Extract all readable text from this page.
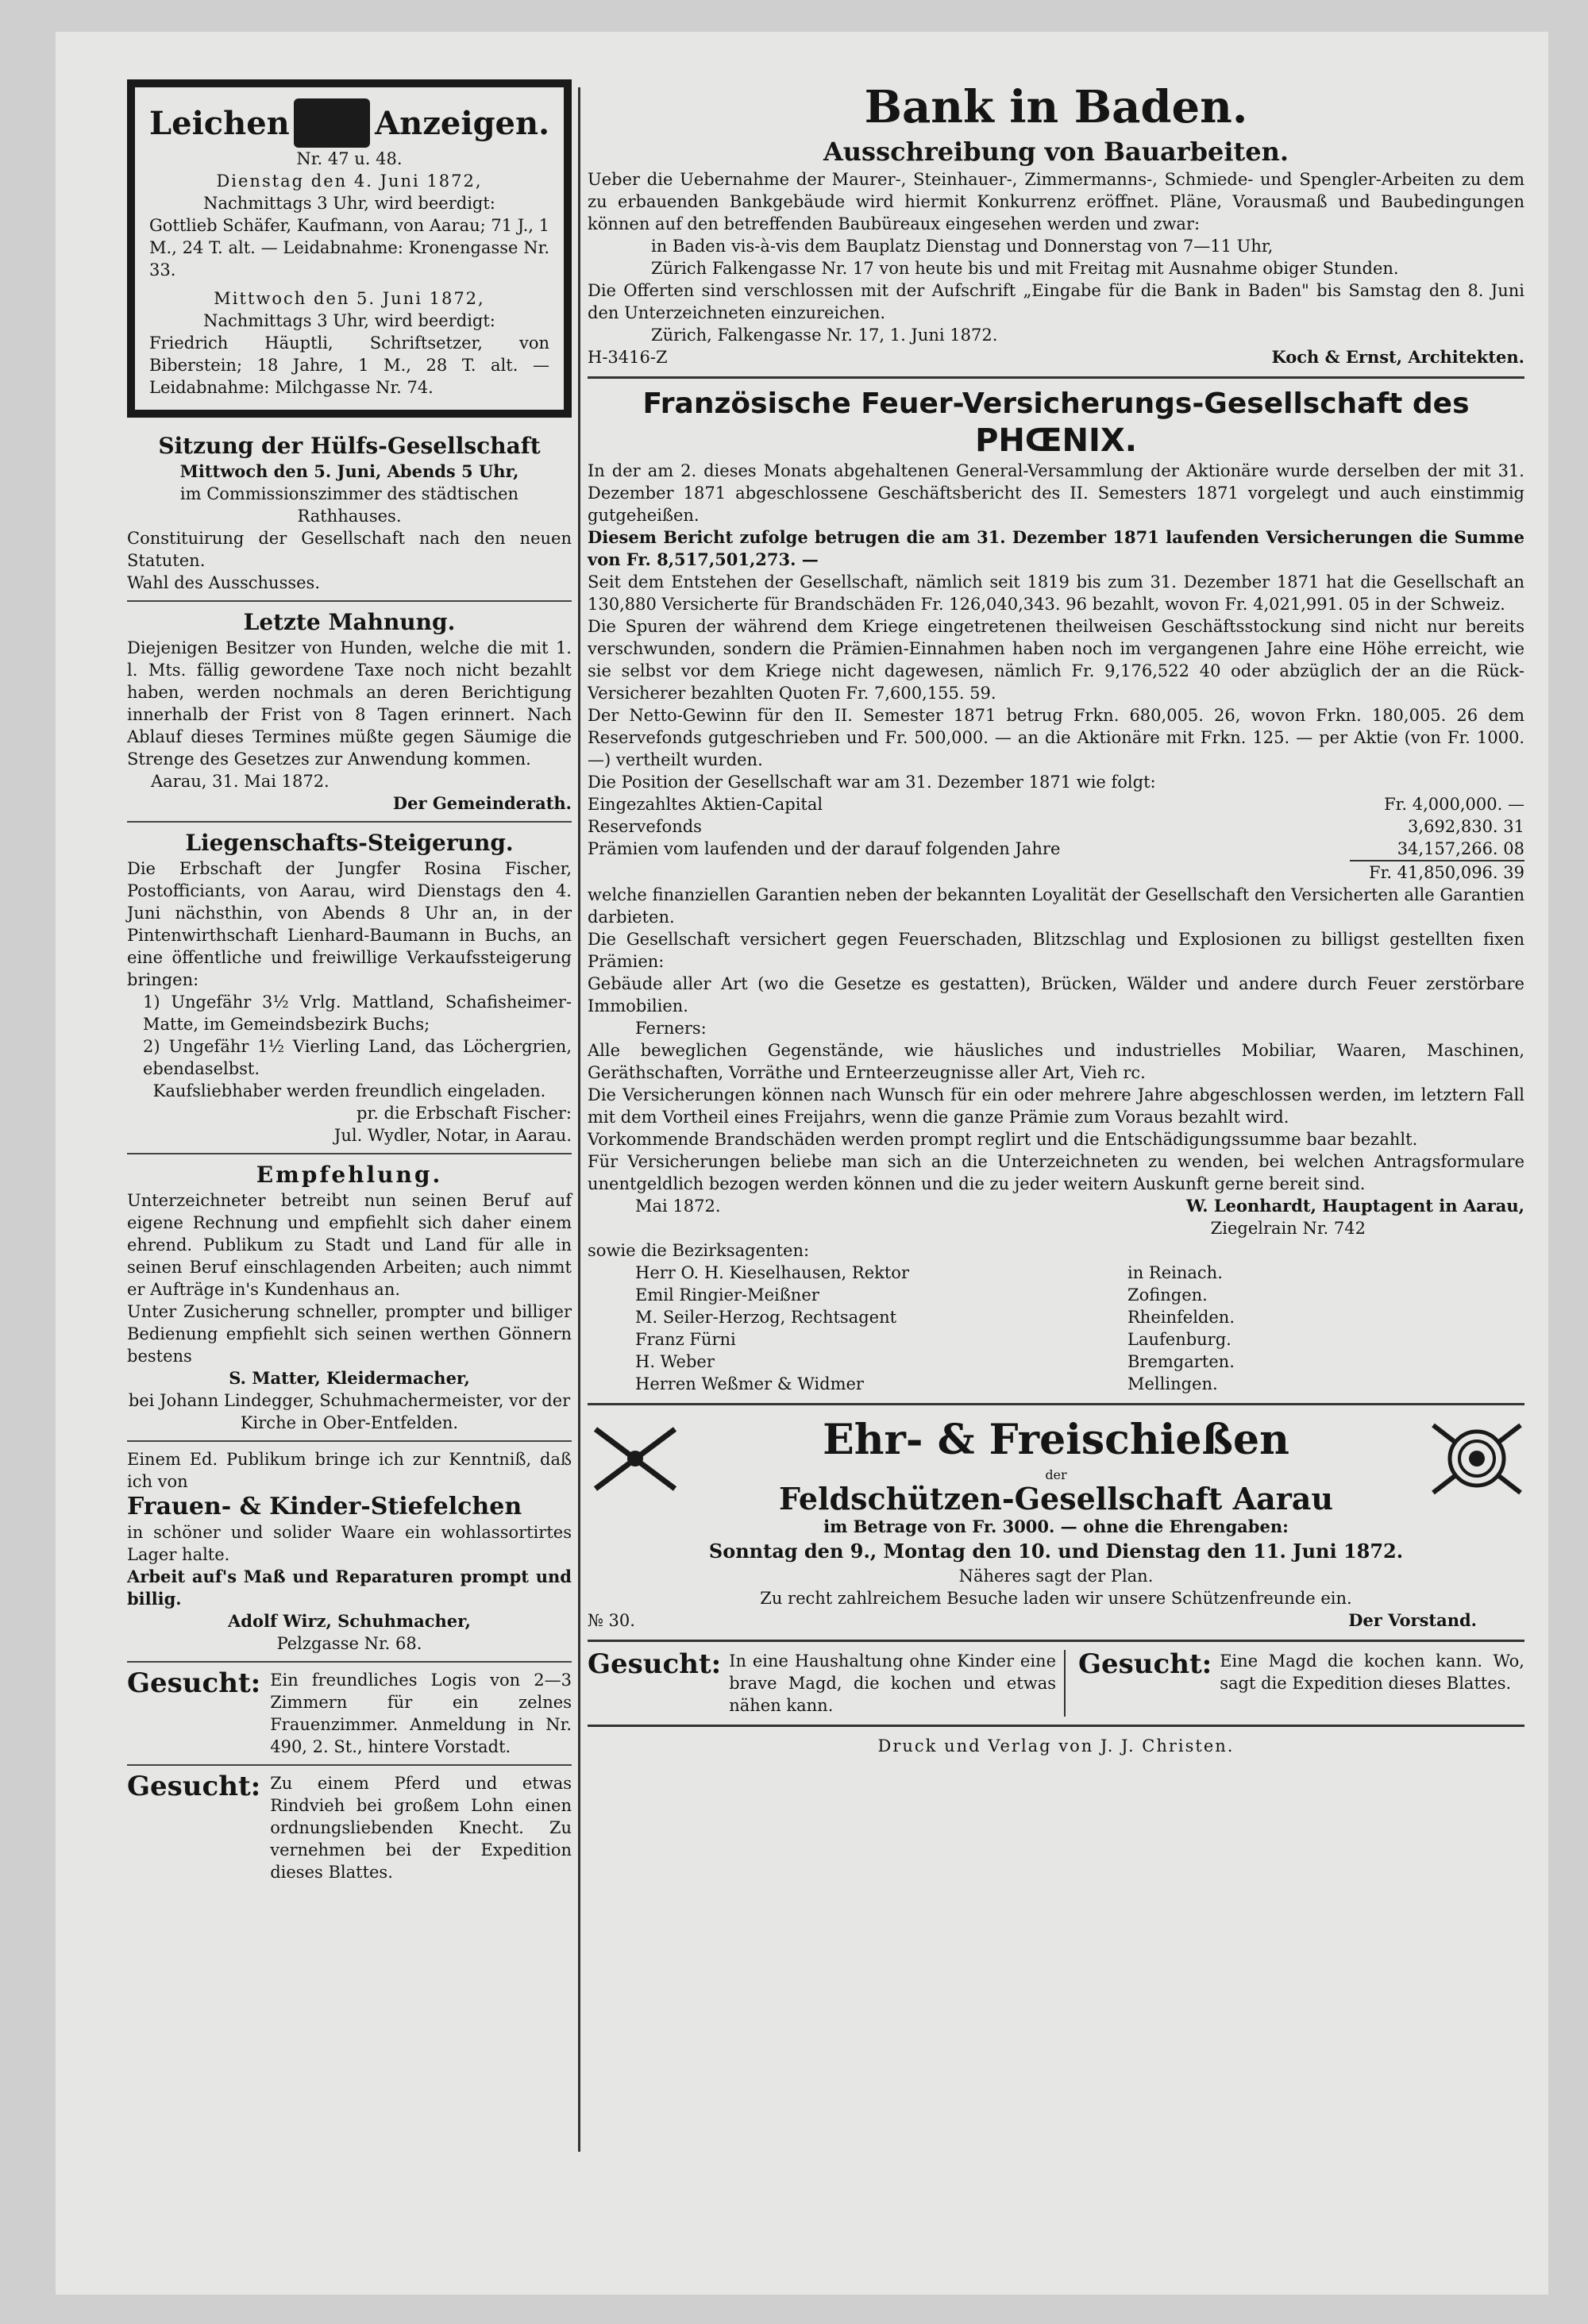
Leichen	Anzeigen.

Nr. 47 u. 48.

Dienstag den 4. Juni 1872,

Nachmittags 3 Uhr, wird beerdigt:

Gottlieb Schäfer, Kaufmann, von Aarau; 71 J., 1 M., 24 T. alt. — Leidabnahme: Kronengasse Nr. 33.

Mittwoch den 5. Juni 1872,

Nachmittags 3 Uhr, wird beerdigt:

Friedrich Häuptli, Schriftsetzer, von Biberstein; 18 Jahre, 1 M., 28 T. alt. — Leidabnahme: Milchgasse Nr. 74.

Sitzung der Hülfs-Gesellschaft

Mittwoch den 5. Juni, Abends 5 Uhr,

im Commissionszimmer des städtischen Rathhauses.

Constituirung der Gesellschaft nach den neuen Statuten.

Wahl des Ausschusses.

Letzte Mahnung.

Diejenigen Besitzer von Hunden, welche die mit 1. l. Mts. fällig gewordene Taxe noch nicht bezahlt haben, werden nochmals an deren Berichtigung innerhalb der Frist von 8 Tagen erinnert. Nach Ablauf dieses Termines müßte gegen Säumige die Strenge des Gesetzes zur Anwendung kommen.

Aarau, 31. Mai 1872.

Der Gemeinderath.

Liegenschafts-Steigerung.

Die Erbschaft der Jungfer Rosina Fischer, Postofficiants, von Aarau, wird Dienstags den 4. Juni nächsthin, von Abends 8 Uhr an, in der Pintenwirthschaft Lienhard-Baumann in Buchs, an eine öffentliche und freiwillige Verkaufssteigerung bringen:

1) Ungefähr 3½ Vrlg. Mattland, Schafisheimer-Matte, im Gemeindsbezirk Buchs;

2) Ungefähr 1½ Vierling Land, das Löchergrien, ebendaselbst.

Kaufsliebhaber werden freundlich eingeladen.

pr. die Erbschaft Fischer:

Jul. Wydler, Notar, in Aarau.

Empfehlung.

Unterzeichneter betreibt nun seinen Beruf auf eigene Rechnung und empfiehlt sich daher einem ehrend. Publikum zu Stadt und Land für alle in seinen Beruf einschlagenden Arbeiten; auch nimmt er Aufträge in's Kundenhaus an.

Unter Zusicherung schneller, prompter und billiger Bedienung empfiehlt sich seinen werthen Gönnern bestens

S. Matter, Kleidermacher,

bei Johann Lindegger, Schuhmachermeister, vor der Kirche in Ober-Entfelden.

Einem Ed. Publikum bringe ich zur Kenntniß, daß ich von

Frauen- & Kinder-Stiefelchen

in schöner und solider Waare ein wohlassortirtes Lager halte.

Arbeit auf's Maß und Reparaturen prompt und billig.

Adolf Wirz, Schuhmacher,

Pelzgasse Nr. 68.

Gesucht: Ein freundliches Logis von 2—3 Zimmern für ein zelnes Frauenzimmer. Anmeldung in Nr. 490, 2. St., hintere Vorstadt.

Gesucht: Zu einem Pferd und etwas Rindvieh bei großem Lohn einen ordnungsliebenden Knecht. Zu vernehmen bei der Expedition dieses Blattes.

Bank in Baden.

Ausschreibung von Bauarbeiten.

Ueber die Uebernahme der Maurer-, Steinhauer-, Zimmermanns-, Schmiede- und Spengler-Arbeiten zu dem zu erbauenden Bankgebäude wird hiermit Konkurrenz eröffnet. Pläne, Vorausmaß und Baubedingungen können auf den betreffenden Baubüreaux eingesehen werden und zwar:

in Baden vis-à-vis dem Bauplatz Dienstag und Donnerstag von 7—11 Uhr,

Zürich Falkengasse Nr. 17 von heute bis und mit Freitag mit Ausnahme obiger Stunden.

Die Offerten sind verschlossen mit der Aufschrift „Eingabe für die Bank in Baden" bis Samstag den 8. Juni den Unterzeichneten einzureichen.

Zürich, Falkengasse Nr. 17, 1. Juni 1872.

H-3416-Z	Koch & Ernst, Architekten.

Französische Feuer-Versicherungs-Gesellschaft des

PHŒNIX.

In der am 2. dieses Monats abgehaltenen General-Versammlung der Aktionäre wurde derselben der mit 31. Dezember 1871 abgeschlossene Geschäftsbericht des II. Semesters 1871 vorgelegt und auch einstimmig gutgeheißen.

Diesem Bericht zufolge betrugen die am 31. Dezember 1871 laufenden Versicherungen die Summe von Fr. 8,517,501,273. —

Seit dem Entstehen der Gesellschaft, nämlich seit 1819 bis zum 31. Dezember 1871 hat die Gesellschaft an 130,880 Versicherte für Brandschäden Fr. 126,040,343. 96 bezahlt, wovon Fr. 4,021,991. 05 in der Schweiz.

Die Spuren der während dem Kriege eingetretenen theilweisen Geschäftsstockung sind nicht nur bereits verschwunden, sondern die Prämien-Einnahmen haben noch im vergangenen Jahre eine Höhe erreicht, wie sie selbst vor dem Kriege nicht dagewesen, nämlich Fr. 9,176,522 40 oder abzüglich der an die Rück-Versicherer bezahlten Quoten Fr. 7,600,155. 59.

Der Netto-Gewinn für den II. Semester 1871 betrug Frkn. 680,005. 26, wovon Frkn. 180,005. 26 dem Reservefonds gutgeschrieben und Fr. 500,000. — an die Aktionäre mit Frkn. 125. — per Aktie (von Fr. 1000. —) vertheilt wurden.

Die Position der Gesellschaft war am 31. Dezember 1871 wie folgt:

Eingezahltes Aktien-Capital	Fr. 4,000,000. —
Reservefonds	3,692,830. 31
Prämien vom laufenden und der darauf folgenden Jahre	34,157,266. 08
Fr. 41,850,096. 39

welche finanziellen Garantien neben der bekannten Loyalität der Gesellschaft den Versicherten alle Garantien darbieten.

Die Gesellschaft versichert gegen Feuerschaden, Blitzschlag und Explosionen zu billigst gestellten fixen Prämien:

Gebäude aller Art (wo die Gesetze es gestatten), Brücken, Wälder und andere durch Feuer zerstörbare Immobilien.

Ferners:

Alle beweglichen Gegenstände, wie häusliches und industrielles Mobiliar, Waaren, Maschinen, Geräthschaften, Vorräthe und Ernteerzeugnisse aller Art, Vieh rc.

Die Versicherungen können nach Wunsch für ein oder mehrere Jahre abgeschlossen werden, im letztern Fall mit dem Vortheil eines Freijahrs, wenn die ganze Prämie zum Voraus bezahlt wird.

Vorkommende Brandschäden werden prompt reglirt und die Entschädigungssumme baar bezahlt.

Für Versicherungen beliebe man sich an die Unterzeichneten zu wenden, bei welchen Antragsformulare unentgeldlich bezogen werden können und die zu jeder weitern Auskunft gerne bereit sind.

Mai 1872.	W. Leonhardt, Hauptagent in Aarau,

Ziegelrain Nr. 742

sowie die Bezirksagenten:

Herr O. H. Kieselhausen, Rektor	in Reinach.
Emil Ringier-Meißner	Zofingen.
M. Seiler-Herzog, Rechtsagent	Rheinfelden.
Franz Fürni	Laufenburg.
H. Weber	Bremgarten.
Herren Weßmer & Widmer	Mellingen.

Ehr- & Freischießen

der

Feldschützen-Gesellschaft Aarau

im Betrage von Fr. 3000. — ohne die Ehrengaben:

Sonntag den 9., Montag den 10. und Dienstag den 11. Juni 1872.

Näheres sagt der Plan.

Zu recht zahlreichem Besuche laden wir unsere Schützenfreunde ein.

№ 30.	Der Vorstand.
Gesucht: In eine Haushaltung ohne Kinder eine brave Magd, die kochen und etwas nähen kann.

Gesucht: Eine Magd die kochen kann. Wo, sagt die Expedition dieses Blattes.

Druck und Verlag von J. J. Christen.
